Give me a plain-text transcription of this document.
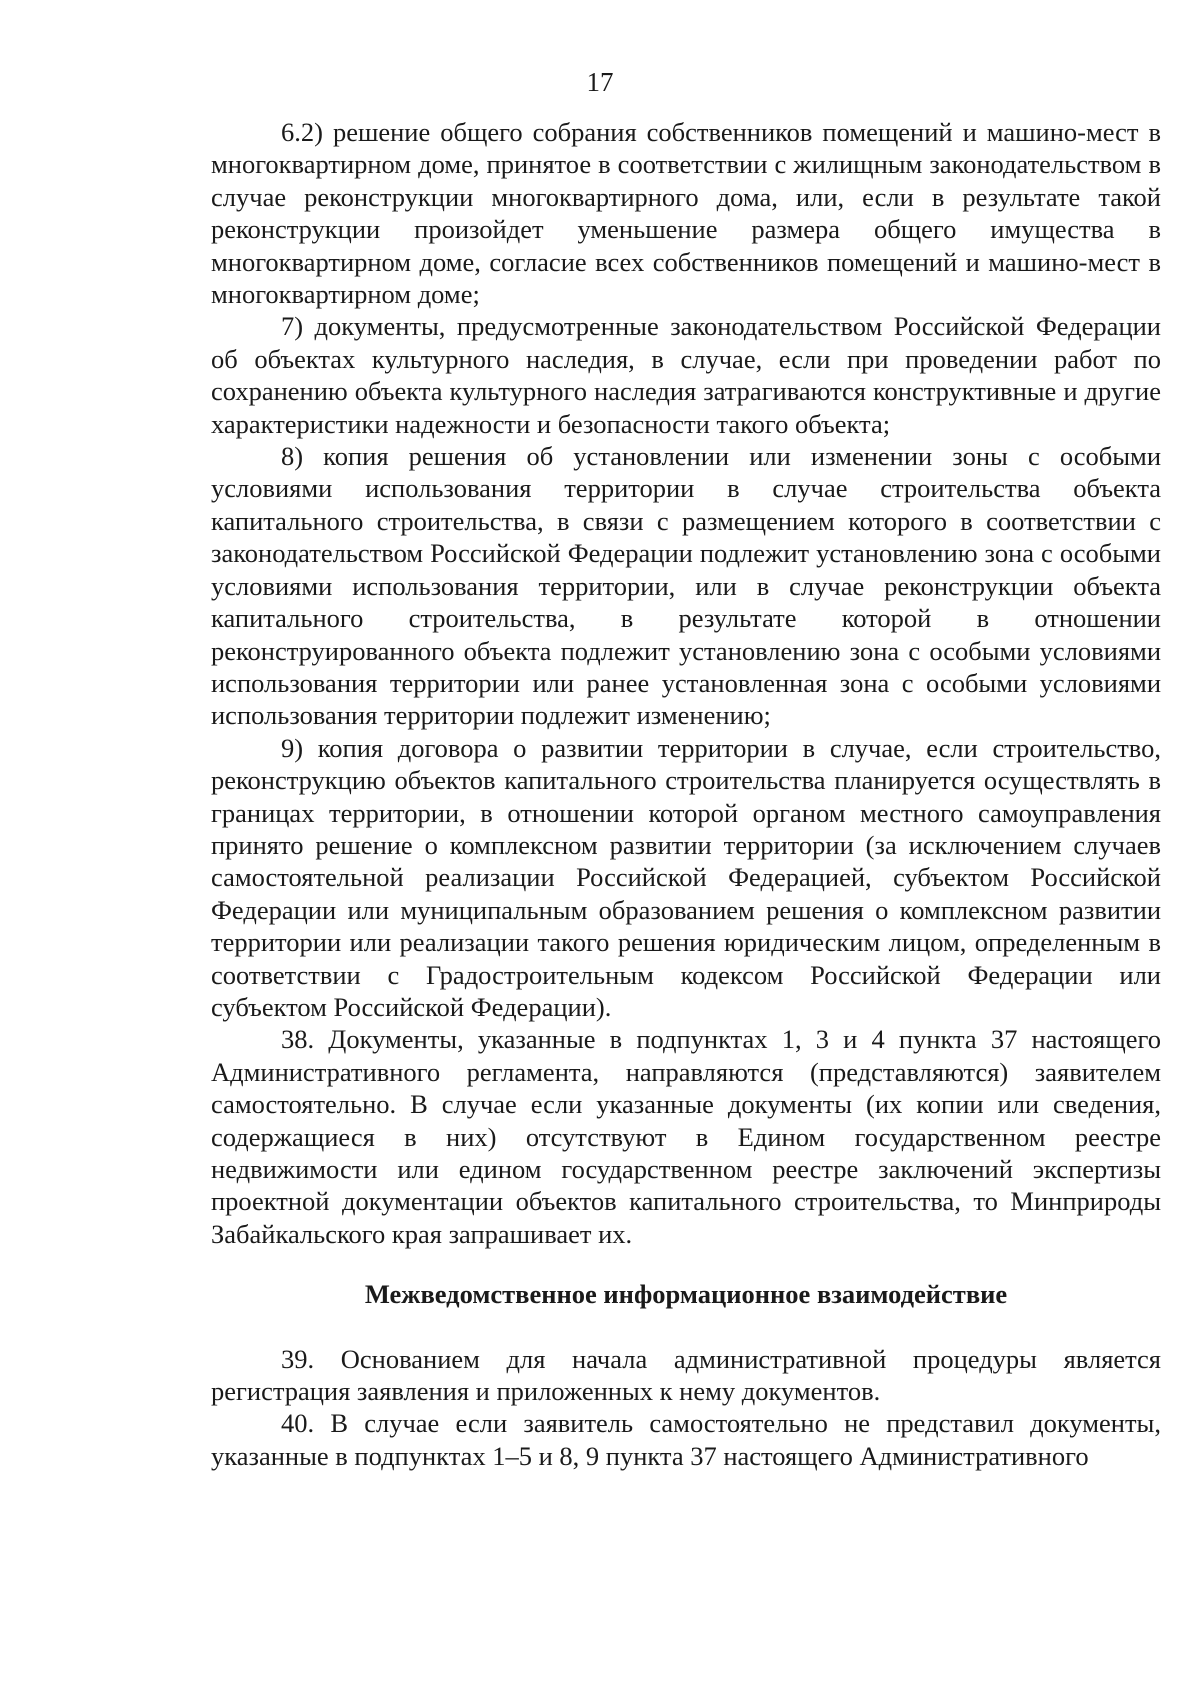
17

6.2) решение общего собрания собственников помещений и машино-мест в многоквартирном доме, принятое в соответствии с жилищным законодательством в случае реконструкции многоквартирного дома, или, если в результате такой реконструкции произойдет уменьшение размера общего имущества в многоквартирном доме, согласие всех собственников помещений и машино-мест в многоквартирном доме;

7) документы, предусмотренные законодательством Российской Федерации об объектах культурного наследия, в случае, если при проведении работ по сохранению объекта культурного наследия затрагиваются конструктивные и другие характеристики надежности и безопасности такого объекта;

8) копия решения об установлении или изменении зоны с особыми условиями использования территории в случае строительства объекта капитального строительства, в связи с размещением которого в соответствии с законодательством Российской Федерации подлежит установлению зона с особыми условиями использования территории, или в случае реконструкции объекта капитального строительства, в результате которой в отношении реконструированного объекта подлежит установлению зона с особыми условиями использования территории или ранее установленная зона с особыми условиями использования территории подлежит изменению;

9) копия договора о развитии территории в случае, если строительство, реконструкцию объектов капитального строительства планируется осуществлять в границах территории, в отношении которой органом местного самоуправления принято решение о комплексном развитии территории (за исключением случаев самостоятельной реализации Российской Федерацией, субъектом Российской Федерации или муниципальным образованием решения о комплексном развитии территории или реализации такого решения юридическим лицом, определенным в соответствии с Градостроительным кодексом Российской Федерации или субъектом Российской Федерации).

38. Документы, указанные в подпунктах 1, 3 и 4 пункта 37 настоящего Административного регламента, направляются (представляются) заявителем самостоятельно. В случае если указанные документы (их копии или сведения, содержащиеся в них) отсутствуют в Едином государственном реестре недвижимости или едином государственном реестре заключений экспертизы проектной документации объектов капитального строительства, то Минприроды Забайкальского края запрашивает их.

Межведомственное информационное взаимодействие

39. Основанием для начала административной процедуры является регистрация заявления и приложенных к нему документов.

40. В случае если заявитель самостоятельно не представил документы, указанные в подпунктах 1–5 и 8, 9 пункта 37 настоящего Административного
